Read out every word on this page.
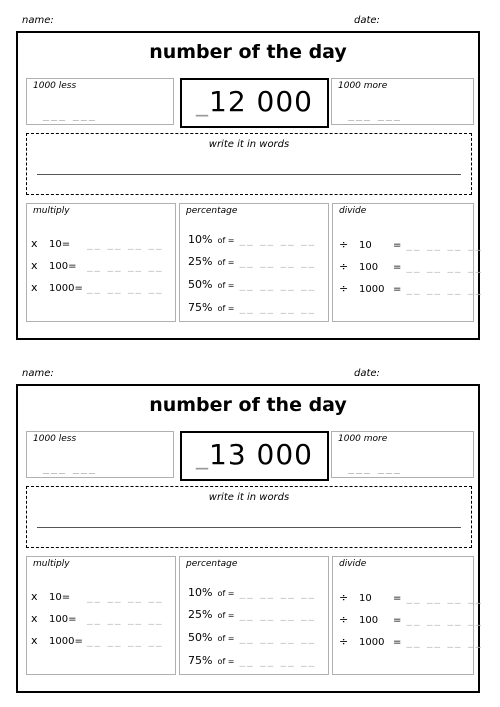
name:	date:
number of the day
1000 less
___ ___	_12 000	1000 more
___ ___
write it in words
multiply
x 10= __ __ __ __
x 100= __ __ __ __
x 1000= __ __ __ __
percentage
10% of = __ __ __ __
25% of = __ __ __ __
50% of = __ __ __ __
75% of = __ __ __ __
divide
÷ 10 = __ __ __ __
÷ 100 = __ __ __ __
÷ 1000 = __ __ __ __
name:	date:
number of the day
1000 less
___ ___	_13 000	1000 more
___ ___
write it in words
multiply
x 10= __ __ __ __
x 100= __ __ __ __
x 1000= __ __ __ __
percentage
10% of = __ __ __ __
25% of = __ __ __ __
50% of = __ __ __ __
75% of = __ __ __ __
divide
÷ 10 = __ __ __ __
÷ 100 = __ __ __ __
÷ 1000 = __ __ __ __
